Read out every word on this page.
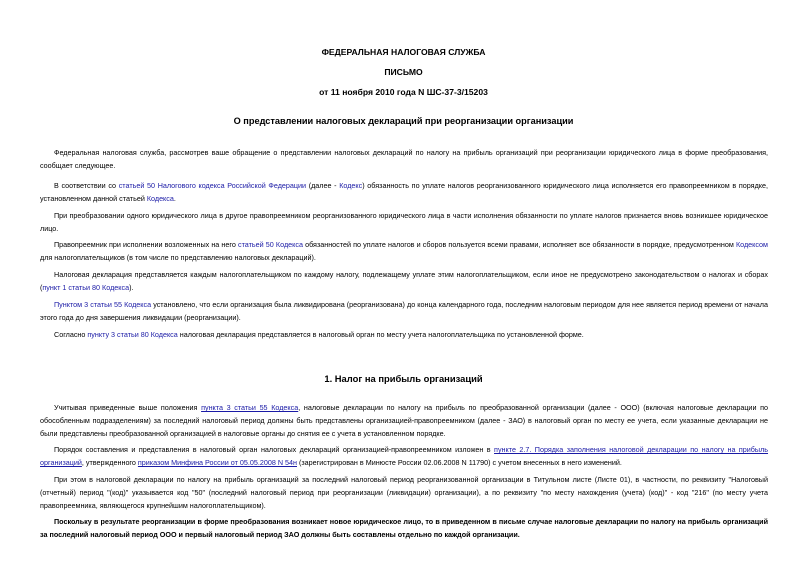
ФЕДЕРАЛЬНАЯ НАЛОГОВАЯ СЛУЖБА
ПИСЬМО
от 11 ноября 2010 года N ШС-37-3/15203
О представлении налоговых деклараций при реорганизации организации

Федеральная налоговая служба, рассмотрев ваше обращение о представлении налоговых деклараций по налогу на прибыль организаций при реорганизации юридического лица в форме преобразования, сообщает следующее.

В соответствии со статьей 50 Налогового кодекса Российской Федерации (далее - Кодекс) обязанность по уплате налогов реорганизованного юридического лица исполняется его правопреемником в порядке, установленном данной статьей Кодекса.

При преобразовании одного юридического лица в другое правопреемником реорганизованного юридического лица в части исполнения обязанности по уплате налогов признается вновь возникшее юридическое лицо.

Правопреемник при исполнении возложенных на него статьей 50 Кодекса обязанностей по уплате налогов и сборов пользуется всеми правами, исполняет все обязанности в порядке, предусмотренном Кодексом для налогоплательщиков (в том числе по представлению налоговых деклараций).

Налоговая декларация представляется каждым налогоплательщиком по каждому налогу, подлежащему уплате этим налогоплательщиком, если иное не предусмотрено законодательством о налогах и сборах (пункт 1 статьи 80 Кодекса).

Пунктом 3 статьи 55 Кодекса установлено, что если организация была ликвидирована (реорганизована) до конца календарного года, последним налоговым периодом для нее является период времени от начала этого года до дня завершения ликвидации (реорганизации).

Согласно пункту 3 статьи 80 Кодекса налоговая декларация представляется в налоговый орган по месту учета налогоплательщика по установленной форме.

1. Налог на прибыль организаций

Учитывая приведенные выше положения пункта 3 статьи 55 Кодекса, налоговые декларации по налогу на прибыль по преобразованной организации (далее - ООО) (включая налоговые декларации по обособленным подразделениям) за последний налоговый период должны быть представлены организацией-правопреемником (далее - ЗАО) в налоговый орган по месту ее учета, если указанные декларации не были представлены преобразованной организацией в налоговые органы до снятия ее с учета в установленном порядке.

Порядок составления и представления в налоговый орган налоговых деклараций организацией-правопреемником изложен в пункте 2.7. Порядка заполнения налоговой декларации по налогу на прибыль организаций, утвержденного приказом Минфина России от 05.05.2008 N 54н (зарегистрирован в Минюсте России 02.06.2008 N 11790) с учетом внесенных в него изменений.

При этом в налоговой декларации по налогу на прибыль организаций за последний налоговый период реорганизованной организации в Титульном листе (Листе 01), в частности, по реквизиту "Налоговый (отчетный) период "(код)" указывается код "50" (последний налоговый период при реорганизации (ликвидации) организации), а по реквизиту "по месту нахождения (учета) (код)" - код "216" (по месту учета правопреемника, являющегося крупнейшим налогоплательщиком).

Поскольку в результате реорганизации в форме преобразования возникает новое юридическое лицо, то в приведенном в письме случае налоговые декларации по налогу на прибыль организаций за последний налоговый период ООО и первый налоговый период ЗАО должны быть составлены отдельно по каждой организации.
